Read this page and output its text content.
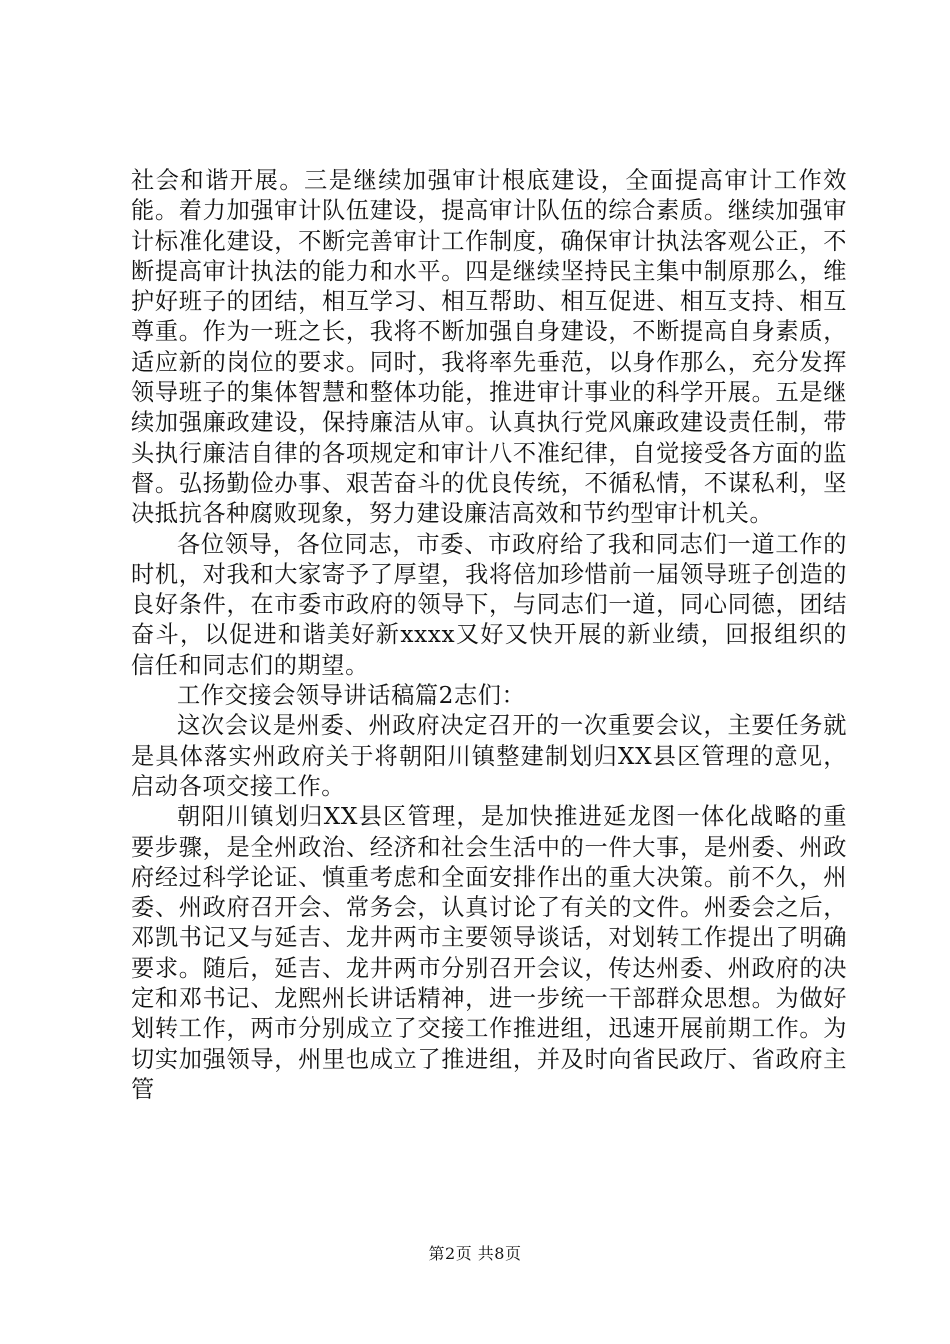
社会和谐开展。三是继续加强审计根底建设，全面提高审计工作效能。着力加强审计队伍建设，提高审计队伍的综合素质。继续加强审计标准化建设，不断完善审计工作制度，确保审计执法客观公正，不断提高审计执法的能力和水平。四是继续坚持民主集中制原那么，维护好班子的团结，相互学习、相互帮助、相互促进、相互支持、相互尊重。作为一班之长，我将不断加强自身建设，不断提高自身素质，适应新的岗位的要求。同时，我将率先垂范，以身作那么，充分发挥领导班子的集体智慧和整体功能，推进审计事业的科学开展。五是继续加强廉政建设，保持廉洁从审。认真执行党风廉政建设责任制，带头执行廉洁自律的各项规定和审计八不准纪律，自觉接受各方面的监督。弘扬勤俭办事、艰苦奋斗的优良传统，不循私情，不谋私利，坚决抵抗各种腐败现象，努力建设廉洁高效和节约型审计机关。

各位领导，各位同志，市委、市政府给了我和同志们一道工作的时机，对我和大家寄予了厚望，我将倍加珍惜前一届领导班子创造的良好条件，在市委市政府的领导下，与同志们一道，同心同德，团结奋斗，以促进和谐美好新xxxx又好又快开展的新业绩，回报组织的信任和同志们的期望。

工作交接会领导讲话稿篇2志们：

这次会议是州委、州政府决定召开的一次重要会议，主要任务就是具体落实州政府关于将朝阳川镇整建制划归XX县区管理的意见，启动各项交接工作。

朝阳川镇划归XX县区管理，是加快推进延龙图一体化战略的重要步骤，是全州政治、经济和社会生活中的一件大事，是州委、州政府经过科学论证、慎重考虑和全面安排作出的重大决策。前不久，州委、州政府召开会、常务会，认真讨论了有关的文件。州委会之后，邓凯书记又与延吉、龙井两市主要领导谈话，对划转工作提出了明确要求。随后，延吉、龙井两市分别召开会议，传达州委、州政府的决定和邓书记、龙熙州长讲话精神，进一步统一干部群众思想。为做好划转工作，两市分别成立了交接工作推进组，迅速开展前期工作。为切实加强领导，州里也成立了推进组，并及时向省民政厅、省政府主管

第2页 共8页
